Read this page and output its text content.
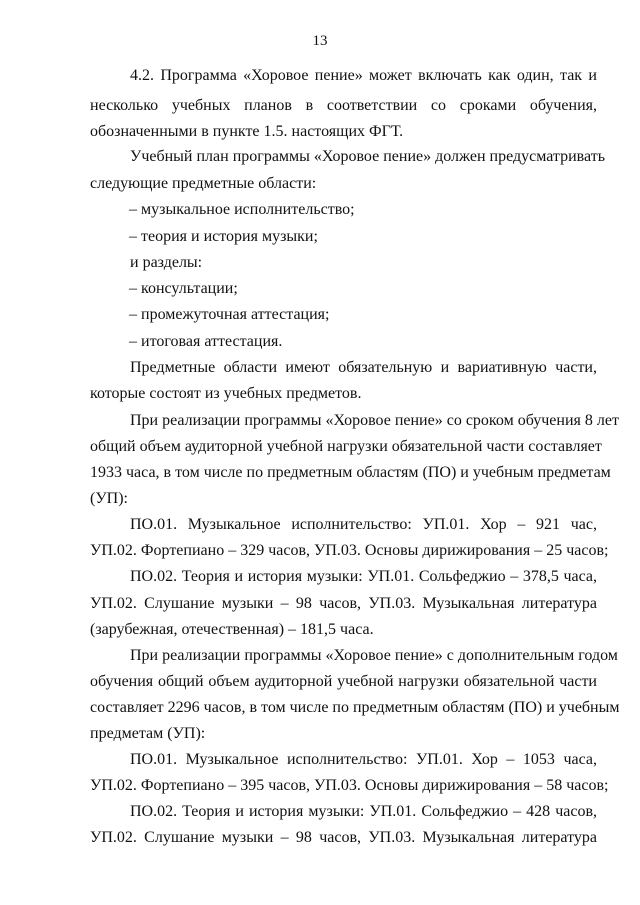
13
4.2. Программа «Хоровое пение» может включать как один, так и
несколько учебных планов в соответствии со сроками обучения,
обозначенными в пункте 1.5. настоящих ФГТ.
Учебный план программы «Хоровое пение» должен предусматривать
следующие предметные области:
– музыкальное исполнительство;
– теория и история музыки;
и разделы:
– консультации;
– промежуточная аттестация;
– итоговая аттестация.
Предметные области имеют обязательную и вариативную части,
которые состоят из учебных предметов.
При реализации программы «Хоровое пение» со сроком обучения 8 лет
общий объем аудиторной учебной нагрузки обязательной части составляет
1933 часа, в том числе по предметным областям (ПО) и учебным предметам
(УП):
ПО.01. Музыкальное исполнительство: УП.01. Хор – 921 час,
УП.02. Фортепиано – 329 часов, УП.03. Основы дирижирования – 25 часов;
ПО.02. Теория и история музыки: УП.01. Сольфеджио – 378,5 часа,
УП.02. Слушание музыки – 98 часов, УП.03. Музыкальная литература
(зарубежная, отечественная) – 181,5 часа.
При реализации программы «Хоровое пение» с дополнительным годом
обучения общий объем аудиторной учебной нагрузки обязательной части
составляет 2296 часов, в том числе по предметным областям (ПО) и учебным
предметам (УП):
ПО.01. Музыкальное исполнительство: УП.01. Хор – 1053 часа,
УП.02. Фортепиано – 395 часов, УП.03. Основы дирижирования – 58 часов;
ПО.02. Теория и история музыки: УП.01. Сольфеджио – 428 часов,
УП.02. Слушание музыки – 98 часов, УП.03. Музыкальная литература
